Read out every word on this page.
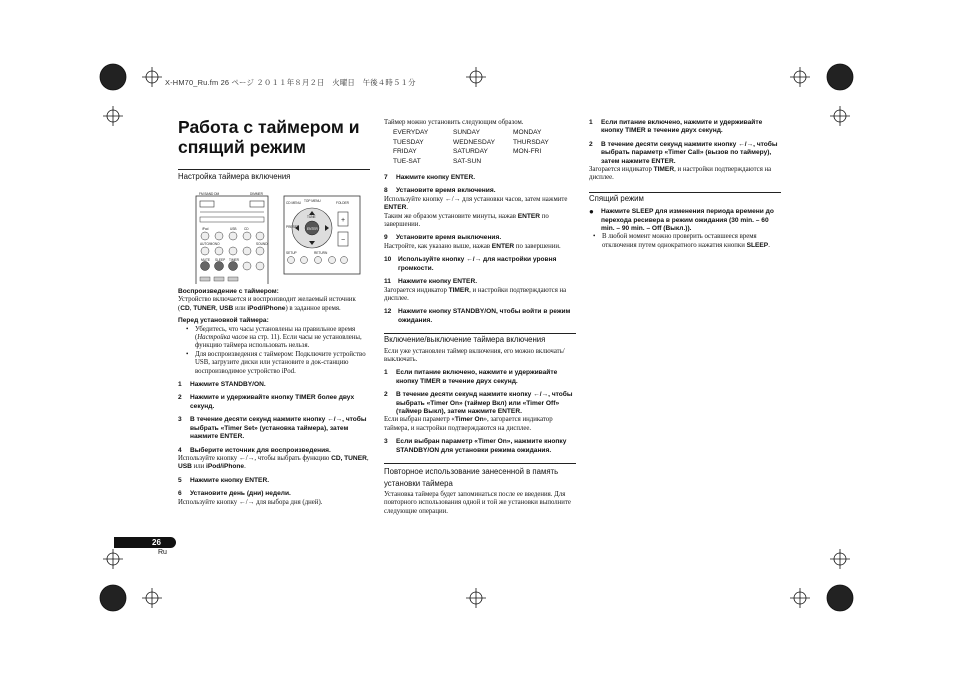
X-HM70_Ru.fm 26 ページ ２０１１年８月２日　火曜日　午後４時５１分
Работа с таймером и
спящий режим
Настройка таймера включения
FM BAND DM	DIMMER
iPod	USB CD
AUTO/MONO	SOUND
MUTE SLEEP TIMER
+
−
CD MENU TOP MENU	FOLDER
TUNE
ENTER
PRESET
SETUP	RETURN
Воспроизведение с таймером:

Устройство включается и воспроизводит желаемый источник (CD, TUNER, USB или iPod/iPhone) в заданное время.

Перед установкой таймера:
• Убедитесь, что часы установлены на правильное время (Настройка часов на стр. 11). Если часы не установлены, функцию таймера использовать нельзя.
• Для воспроизведения с таймером: Подключите устройство USB, загрузите диски или установите в док-станцию воспроизводимое устройство iPod.
1	Нажмите STANDBY/ON.
2	Нажмите и удерживайте кнопку TIMER более двух секунд.
3	В течение десяти секунд нажмите кнопку ←/→, чтобы выбрать «Timer Set» (установка таймера), затем нажмите ENTER.
4	Выберите источник для воспроизведения.

Используйте кнопку ←/→, чтобы выбрать функцию CD, TUNER, USB или iPod/iPhone.

5	Нажмите кнопку ENTER.
6	Установите день (дни) недели.

Используйте кнопку ←/→ для выбора дня (дней).

Таймер можно установить следующим образом.

EVERYDAY	SUNDAY	MONDAY
TUESDAY	WEDNESDAY	THURSDAY
FRIDAY	SATURDAY	MON-FRI
TUE-SAT	SAT-SUN
7	Нажмите кнопку ENTER.
8	Установите время включения.

Используйте кнопку ←/→ для установки часов, затем нажмите ENTER.

Таким же образом установите минуты, нажав ENTER по завершении.

9	Установите время выключения.

Настройте, как указано выше, нажав ENTER по завершении.

10	Используйте кнопку ←/→ для настройки уровня громкости.
11	Нажмите кнопку ENTER.

Загорается индикатор TIMER, и настройки подтверждаются на дисплее.

12	Нажмите кнопку STANDBY/ON, чтобы войти в режим ожидания.
Включение/выключение таймера включения

Если уже установлен таймер включения, его можно включать/выключать.

1	Если питание включено, нажмите и удерживайте кнопку TIMER в течение двух секунд.
2	В течение десяти секунд нажмите кнопку ←/→, чтобы выбрать «Timer On» (таймер Вкл) или «Timer Off» (таймер Выкл), затем нажмите ENTER.

Если выбран параметр «Timer On», загорается индикатор таймера, и настройки подтверждаются на дисплее.

3	Если выбран параметр «Timer On», нажмите кнопку STANDBY/ON для установки режима ожидания.
Повторное использование занесенной в память
установки таймера

Установка таймера будет запоминаться после ее введения. Для повторного использования одной и той же установки выполните следующие операции.

1	Если питание включено, нажмите и удерживайте кнопку TIMER в течение двух секунд.
2	В течение десяти секунд нажмите кнопку ←/→, чтобы выбрать параметр «Timer Call» (вызов по таймеру), затем нажмите ENTER.

Загорается индикатор TIMER, и настройки подтверждаются на дисплее.

Спящий режим
●	Нажмите SLEEP для изменения периода времени до перехода ресивера в режим ожидания (30 min. – 60 min. – 90 min. – Off (Выкл.)).
• В любой момент можно проверить оставшееся время отключения путем однократного нажатия кнопки SLEEP.
26
Ru
